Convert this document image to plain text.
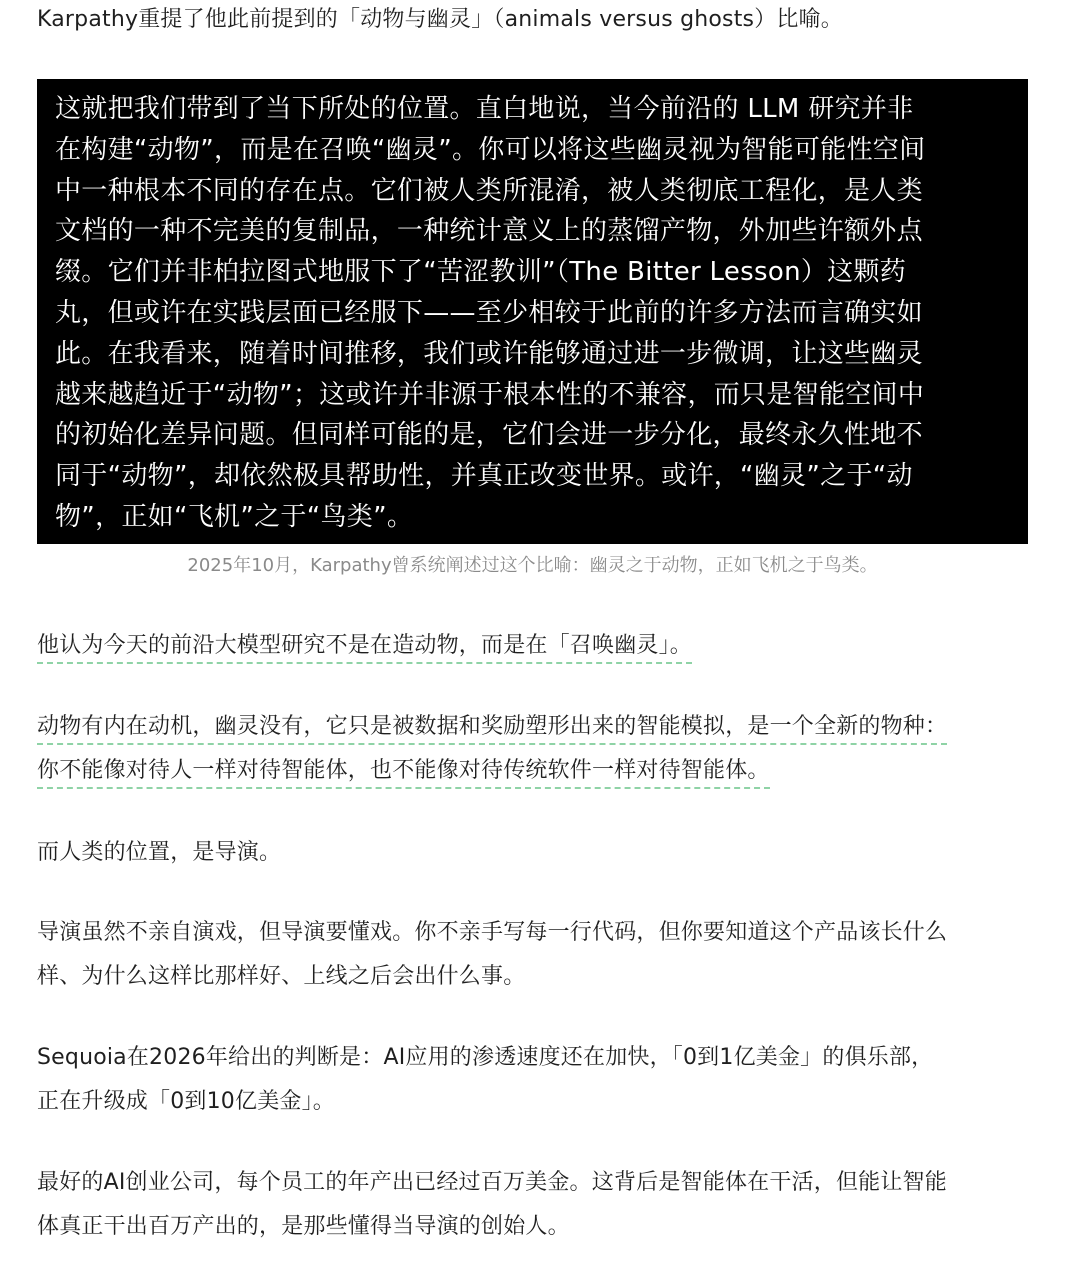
Karpathy重提了他此前提到的「动物与幽灵」（animals versus ghosts）比喻。

这就把我们带到了当下所处的位置。直白地说，当今前沿的 LLM 研究并非

在构建“动物”，而是在召唤“幽灵”。你可以将这些幽灵视为智能可能性空间

中一种根本不同的存在点。它们被人类所混淆，被人类彻底工程化，是人类

文档的一种不完美的复制品，一种统计意义上的蒸馏产物，外加些许额外点

缀。它们并非柏拉图式地服下了“苦涩教训”（The Bitter Lesson）这颗药

丸，但或许在实践层面已经服下——至少相较于此前的许多方法而言确实如

此。在我看来，随着时间推移，我们或许能够通过进一步微调，让这些幽灵

越来越趋近于“动物”；这或许并非源于根本性的不兼容，而只是智能空间中

的初始化差异问题。但同样可能的是，它们会进一步分化，最终永久性地不

同于“动物”，却依然极具帮助性，并真正改变世界。或许，“幽灵”之于“动

物”，正如“飞机”之于“鸟类”。

2025年10月，Karpathy曾系统阐述过这个比喻：幽灵之于动物，正如飞机之于鸟类。
他认为今天的前沿大模型研究不是在造动物，而是在「召唤幽灵」。
动物有内在动机，幽灵没有，它只是被数据和奖励塑形出来的智能模拟，是一个全新的物种：
你不能像对待人一样对待智能体，也不能像对待传统软件一样对待智能体。

而人类的位置，是导演。

导演虽然不亲自演戏，但导演要懂戏。你不亲手写每一行代码，但你要知道这个产品该长什么
样、为什么这样比那样好、上线之后会出什么事。
Sequoia在2026年给出的判断是：AI应用的渗透速度还在加快，「0到1亿美金」的俱乐部，
正在升级成「0到10亿美金」。
最好的AI创业公司，每个员工的年产出已经过百万美金。这背后是智能体在干活，但能让智能
体真正干出百万产出的，是那些懂得当导演的创始人。
